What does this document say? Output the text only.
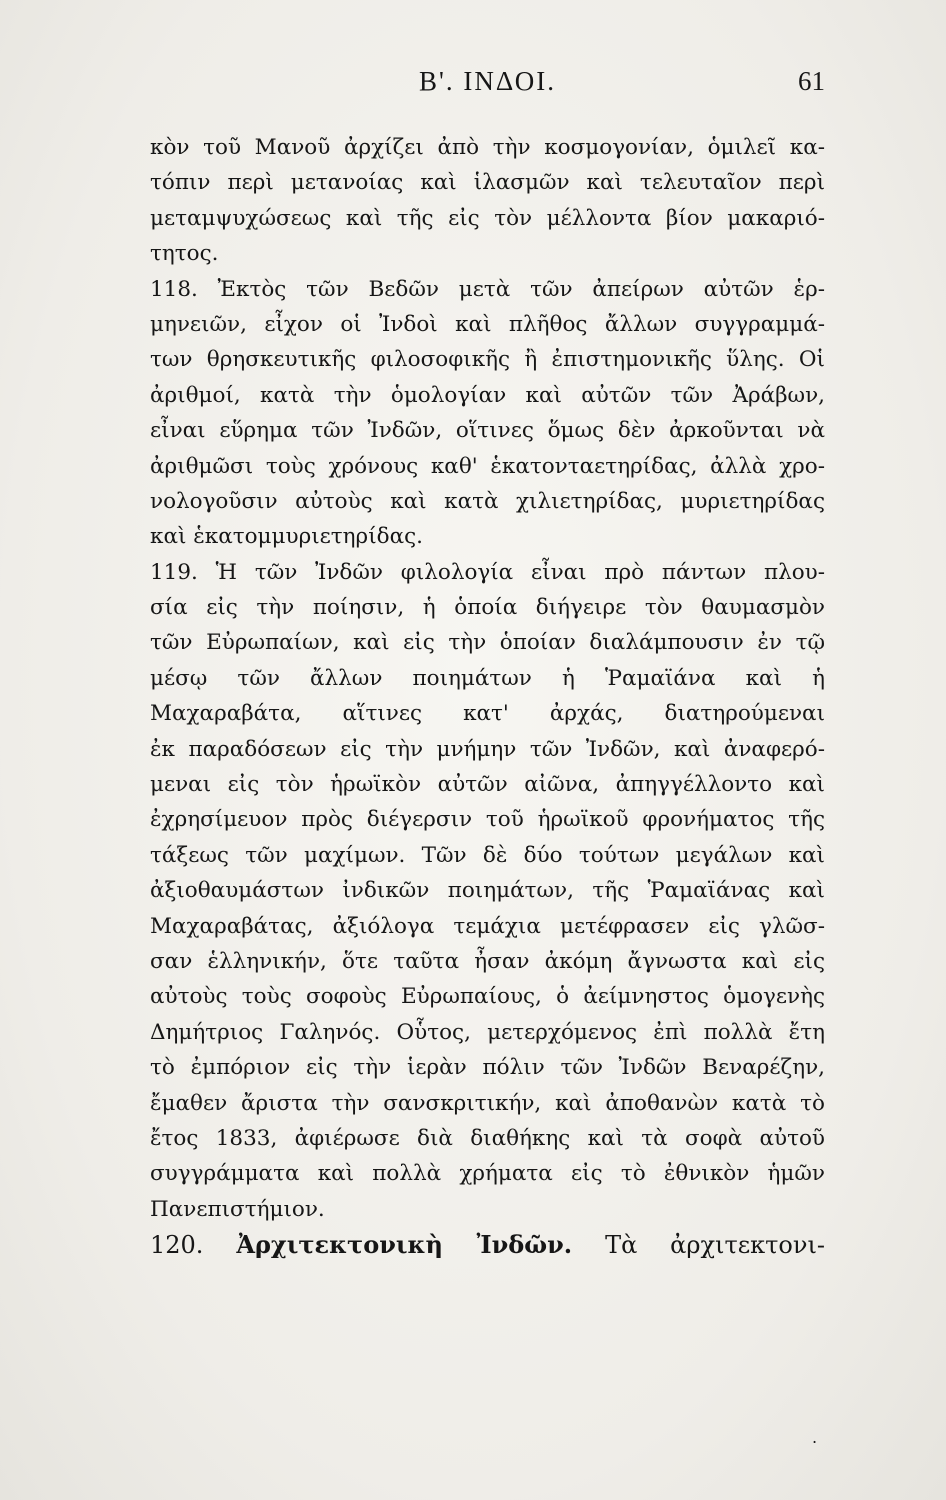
Β'. ΙΝΔΟΙ.	61
κὸν τοῦ Μανοῦ ἀρχίζει ἀπὸ τὴν κοσμογονίαν, ὁμιλεῖ κα-
τόπιν περὶ μετανοίας καὶ ἱλασμῶν καὶ τελευταῖον περὶ
μεταμψυχώσεως καὶ τῆς εἰς τὸν μέλλοντα βίον μακαριό-
τητος.
118. Ἐκτὸς τῶν Βεδῶν μετὰ τῶν ἀπείρων αὐτῶν ἑρ-
μηνειῶν, εἶχον οἱ Ἰνδοὶ καὶ πλῆθος ἄλλων συγγραμμά-
των θρησκευτικῆς φιλοσοφικῆς ἢ ἐπιστημονικῆς ὕλης. Οἱ
ἀριθμοί, κατὰ τὴν ὁμολογίαν καὶ αὐτῶν τῶν Ἀράβων,
εἶναι εὕρημα τῶν Ἰνδῶν, οἵτινες ὅμως δὲν ἀρκοῦνται νὰ
ἀριθμῶσι τοὺς χρόνους καθ' ἑκατονταετηρίδας, ἀλλὰ χρο-
νολογοῦσιν αὐτοὺς καὶ κατὰ χιλιετηρίδας, μυριετηρίδας
καὶ ἑκατομμυριετηρίδας.
119. Ἡ τῶν Ἰνδῶν φιλολογία εἶναι πρὸ πάντων πλου-
σία εἰς τὴν ποίησιν, ἡ ὁποία διήγειρε τὸν θαυμασμὸν
τῶν Εὐρωπαίων, καὶ εἰς τὴν ὁποίαν διαλάμπουσιν ἐν τῷ
μέσῳ τῶν ἄλλων ποιημάτων ἡ Ῥαμαϊάνα καὶ ἡ
Μαχαραβάτα, αἵτινες κατ' ἀρχάς, διατηρούμεναι
ἐκ παραδόσεων εἰς τὴν μνήμην τῶν Ἰνδῶν, καὶ ἀναφερό-
μεναι εἰς τὸν ἡρωϊκὸν αὐτῶν αἰῶνα, ἀπηγγέλλοντο καὶ
ἐχρησίμευον πρὸς διέγερσιν τοῦ ἡρωϊκοῦ φρονήματος τῆς
τάξεως τῶν μαχίμων. Τῶν δὲ δύο τούτων μεγάλων καὶ
ἀξιοθαυμάστων ἰνδικῶν ποιημάτων, τῆς Ῥαμαϊάνας καὶ
Μαχαραβάτας, ἀξιόλογα τεμάχια μετέφρασεν εἰς γλῶσ-
σαν ἑλληνικήν, ὅτε ταῦτα ἦσαν ἀκόμη ἄγνωστα καὶ εἰς
αὐτοὺς τοὺς σοφοὺς Εὐρωπαίους, ὁ ἀείμνηστος ὁμογενὴς
Δημήτριος Γαληνός. Οὗτος, μετερχόμενος ἐπὶ πολλὰ ἔτη
τὸ ἐμπόριον εἰς τὴν ἱερὰν πόλιν τῶν Ἰνδῶν Βεναρέζην,
ἔμαθεν ἄριστα τὴν σανσκριτικήν, καὶ ἀποθανὼν κατὰ τὸ
ἔτος 1833, ἀφιέρωσε διὰ διαθήκης καὶ τὰ σοφὰ αὐτοῦ
συγγράμματα καὶ πολλὰ χρήματα εἰς τὸ ἐθνικὸν ἡμῶν
Πανεπιστήμιον.
120. Ἀρχιτεκτονικὴ Ἰνδῶν. Τὰ ἀρχιτεκτονι-
.
